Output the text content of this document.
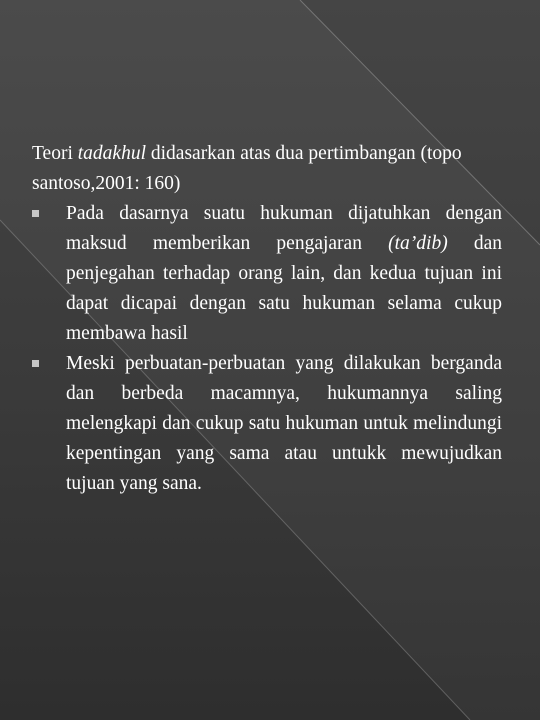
Teori tadakhul didasarkan atas dua pertimbangan (topo santoso,2001: 160)

Pada dasarnya suatu hukuman dijatuhkan dengan maksud memberikan pengajaran (ta’dib) dan penjegahan terhadap orang lain, dan kedua tujuan ini dapat dicapai dengan satu hukuman selama cukup membawa hasil
Meski perbuatan-perbuatan yang dilakukan berganda dan berbeda macamnya, hukumannya saling melengkapi dan cukup satu hukuman untuk melindungi kepentingan yang sama atau untukk mewujudkan tujuan yang sana.
